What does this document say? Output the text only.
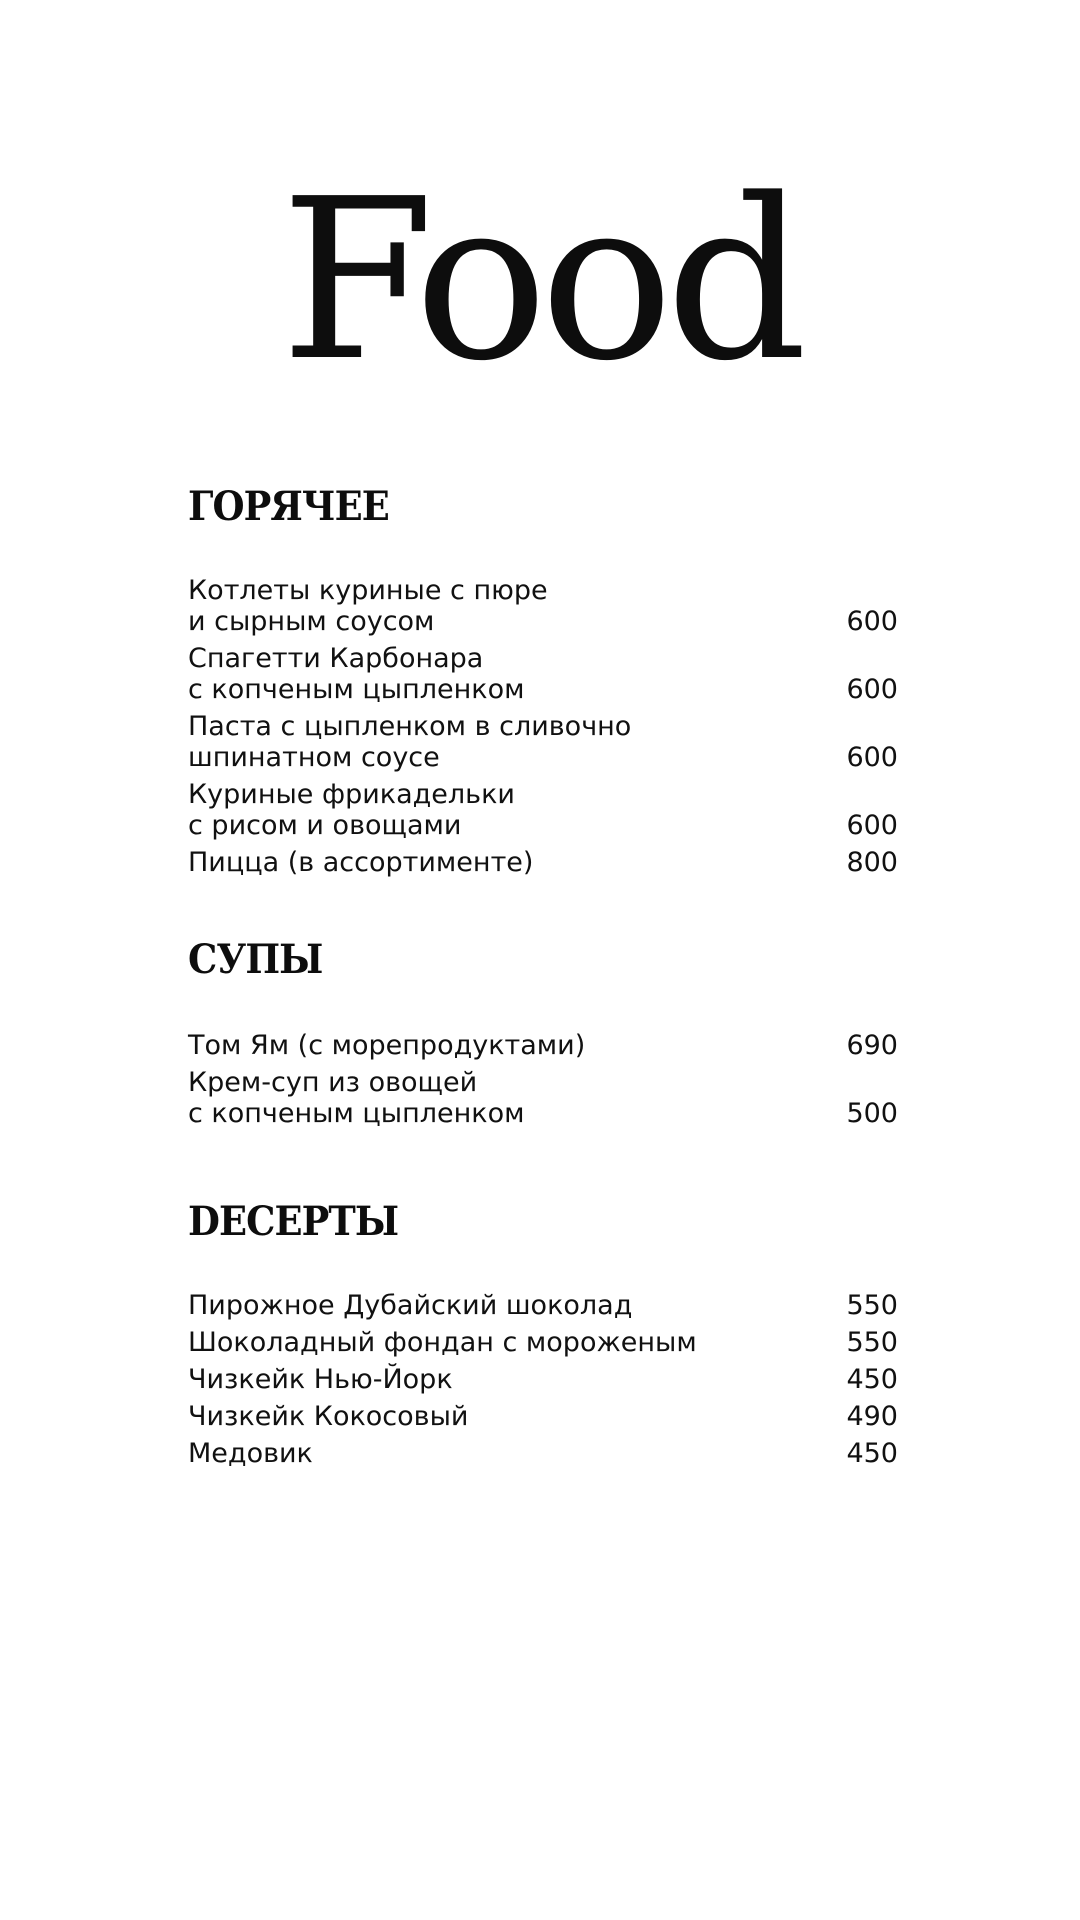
Food
ГОРЯЧЕЕ
Котлеты куриные с пюре
и сырным соусом	600
Спагетти Карбонара
с копченым цыпленком	600
Паста с цыпленком в сливочно
шпинатном соусе	600
Куриные фрикадельки
с рисом и овощами	600
Пицца (в ассортименте)	800
СУПЫ
Том Ям (с морепродуктами)	690
Крем-суп из овощей
с копченым цыпленком	500
DЕСЕРТЫ
Пирожное Дубайский шоколад	550
Шоколадный фондан с мороженым	550
Чизкейк Нью-Йорк	450
Чизкейк Кокосовый	490
Медовик	450
